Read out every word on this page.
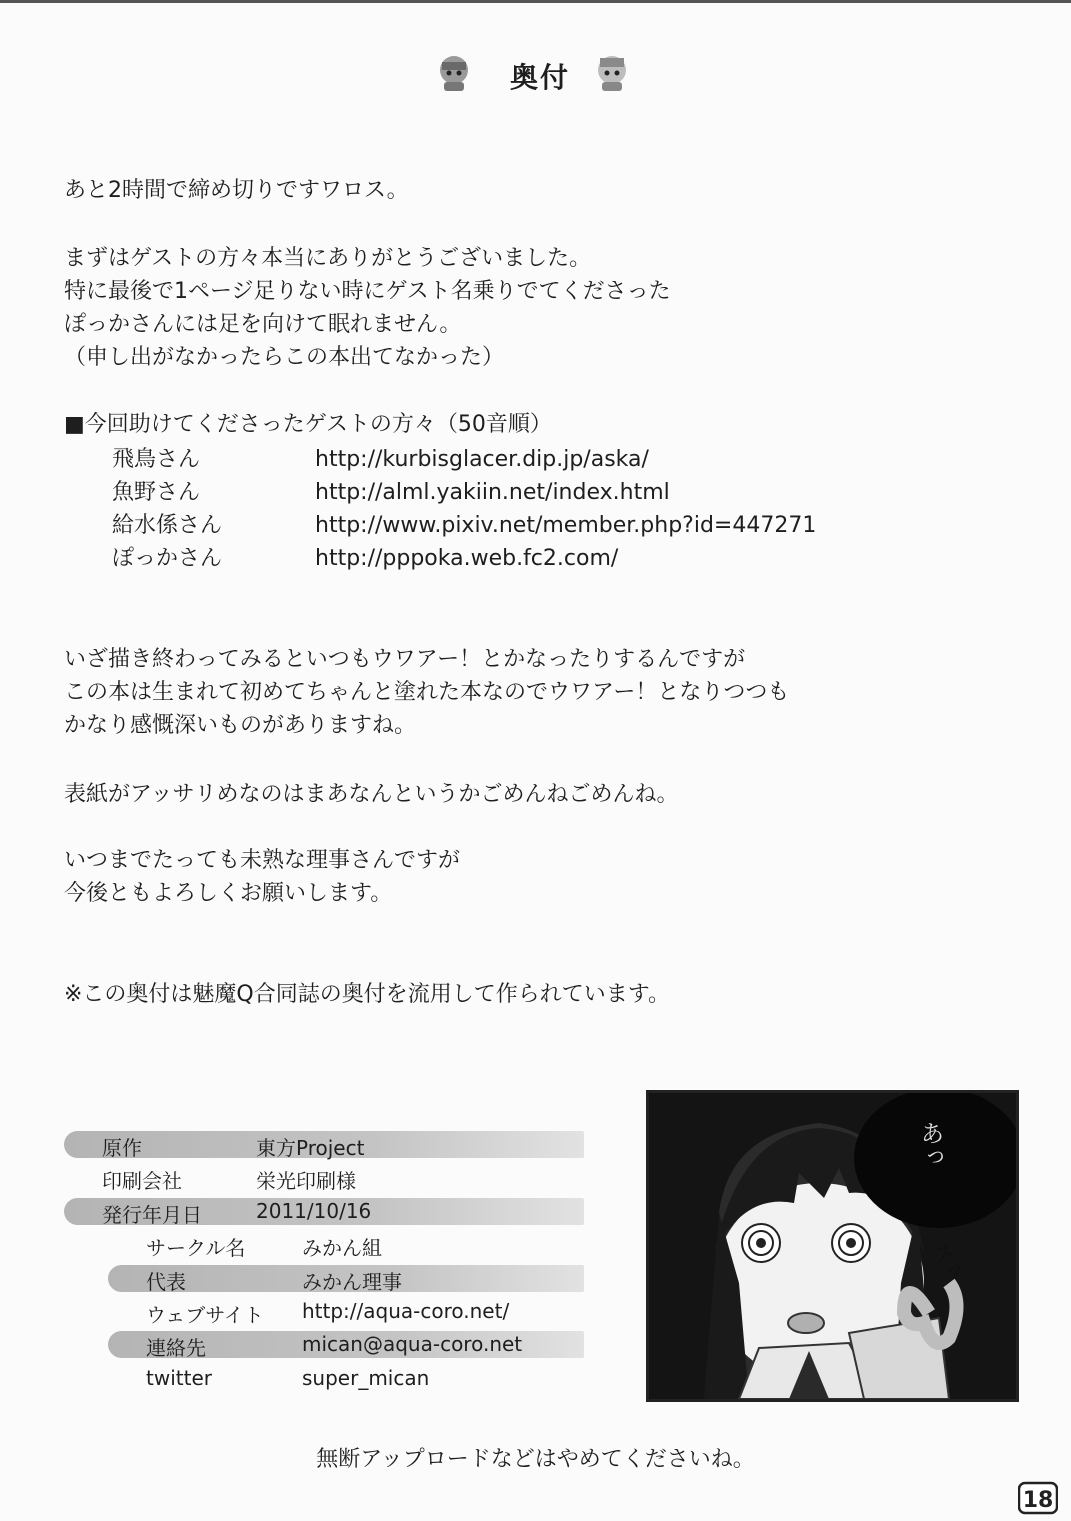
奥付
あと2時間で締め切りですワロス。
まずはゲストの方々本当にありがとうございました。
特に最後で1ページ足りない時にゲスト名乗りでてくださった
ぽっかさんには足を向けて眠れません。
（申し出がなかったらこの本出てなかった）
■今回助けてくださったゲストの方々（50音順）
飛鳥さん	http://kurbisglacer.dip.jp/aska/
魚野さん	http://alml.yakiin.net/index.html
給水係さん	http://www.pixiv.net/member.php?id=447271
ぽっかさん	http://pppoka.web.fc2.com/
いざ描き終わってみるといつもウワアー！とかなったりするんですが
この本は生まれて初めてちゃんと塗れた本なのでウワアー！となりつつも
かなり感慨深いものがありますね。
表紙がアッサリめなのはまあなんというかごめんねごめんね。
いつまでたっても未熟な理事さんですが
今後ともよろしくお願いします。
※この奥付は魅魔Q合同誌の奥付を流用して作られています。
原作	東方Project
印刷会社	栄光印刷様
発行年月日	2011/10/16
サークル名	みかん組
代表	みかん理事
ウェブサイト http://aqua-coro.net/
連絡先	mican@aqua-coro.net
twitter	super_mican
あっ
スッ
無断アップロードなどはやめてくださいね。
18
